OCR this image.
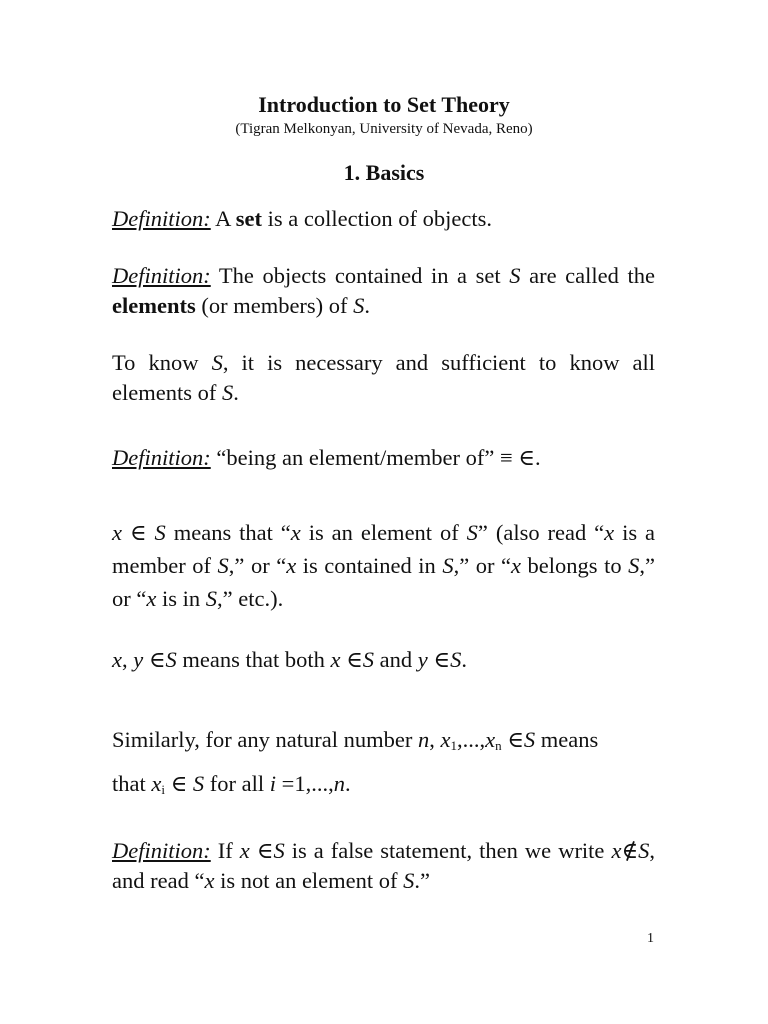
Introduction to Set Theory
(Tigran Melkonyan, University of Nevada, Reno)
1. Basics

Definition: A set is a collection of objects.

Definition: The objects contained in a set S are called the elements (or members) of S.

To know S, it is necessary and sufficient to know all elements of S.

Definition: “being an element/member of” ≡ ∈.

x ∈ S means that “x is an element of S” (also read “x is a member of S,” or “x is contained in S,” or “x belongs to S,” or “x is in S,” etc.).

x, y ∈S means that both x ∈S and y ∈S.

Similarly, for any natural number n, $x_1,...,x_n$ ∈S means
that $x_i$ ∈ S for all i =1,...,n.

Definition: If x ∈S is a false statement, then we write x∉S, and read “x is not an element of S.”

1
